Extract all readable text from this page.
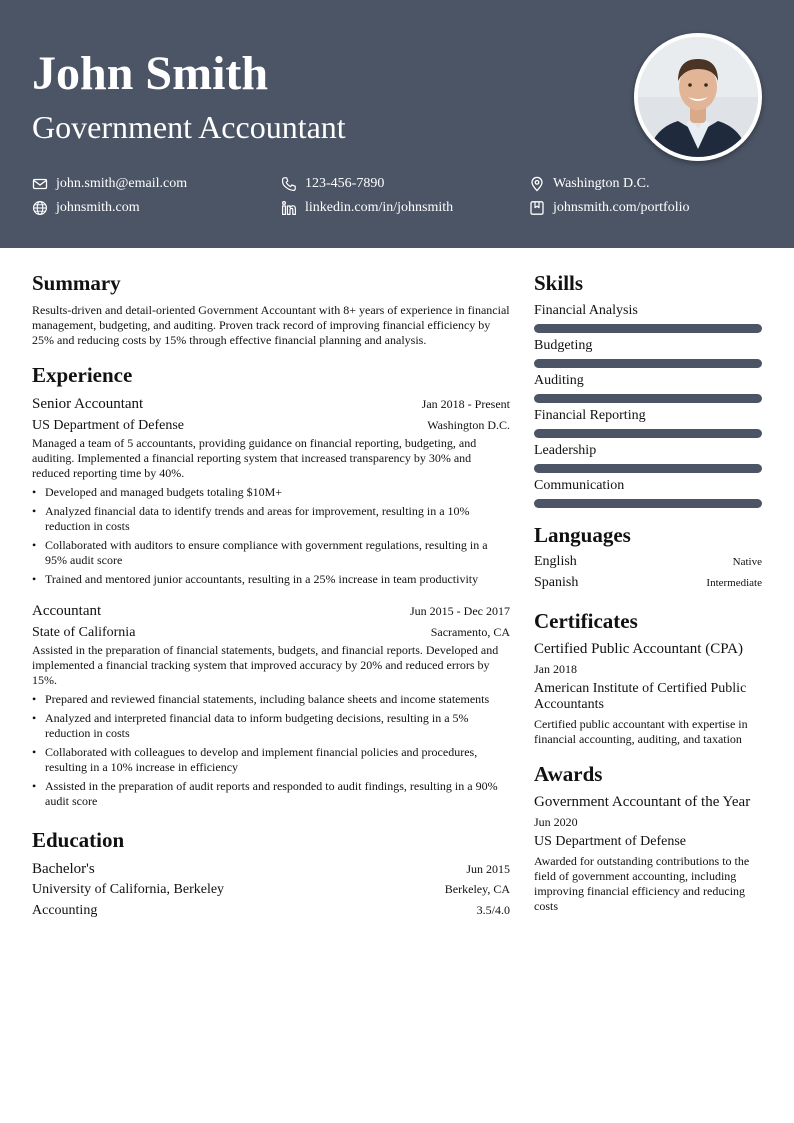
John Smith
Government Accountant
john.smith@email.com	123-456-7890	Washington D.C.
johnsmith.com	linkedin.com/in/johnsmith	johnsmith.com/portfolio
Summary

Results-driven and detail-oriented Government Accountant with 8+ years of experience in financial management, budgeting, and auditing. Proven track record of improving financial efficiency by 25% and reducing costs by 15% through effective financial planning and analysis.

Experience
Senior Accountant	Jan 2018 - Present
US Department of Defense	Washington D.C.

Managed a team of 5 accountants, providing guidance on financial reporting, budgeting, and auditing. Implemented a financial reporting system that increased transparency by 30% and reduced reporting time by 40%.

• Developed and managed budgets totaling $10M+
• Analyzed financial data to identify trends and areas for improvement, resulting in a 10% reduction in costs
• Collaborated with auditors to ensure compliance with government regulations, resulting in a 95% audit score
• Trained and mentored junior accountants, resulting in a 25% increase in team productivity
Accountant	Jun 2015 - Dec 2017
State of California	Sacramento, CA

Assisted in the preparation of financial statements, budgets, and financial reports. Developed and implemented a financial tracking system that improved accuracy by 20% and reduced errors by 15%.

• Prepared and reviewed financial statements, including balance sheets and income statements
• Analyzed and interpreted financial data to inform budgeting decisions, resulting in a 5% reduction in costs
• Collaborated with colleagues to develop and implement financial policies and procedures, resulting in a 10% increase in efficiency
• Assisted in the preparation of audit reports and responded to audit findings, resulting in a 90% audit score
Education
Bachelor's	Jun 2015
University of California, Berkeley	Berkeley, CA
Accounting	3.5/4.0
Skills
Financial Analysis
Budgeting
Auditing
Financial Reporting
Leadership
Communication
Languages
English	Native
Spanish	Intermediate
Certificates
Certified Public Accountant (CPA)
Jan 2018
American Institute of Certified Public Accountants

Certified public accountant with expertise in financial accounting, auditing, and taxation

Awards
Government Accountant of the Year
Jun 2020
US Department of Defense

Awarded for outstanding contributions to the field of government accounting, including improving financial efficiency and reducing costs
